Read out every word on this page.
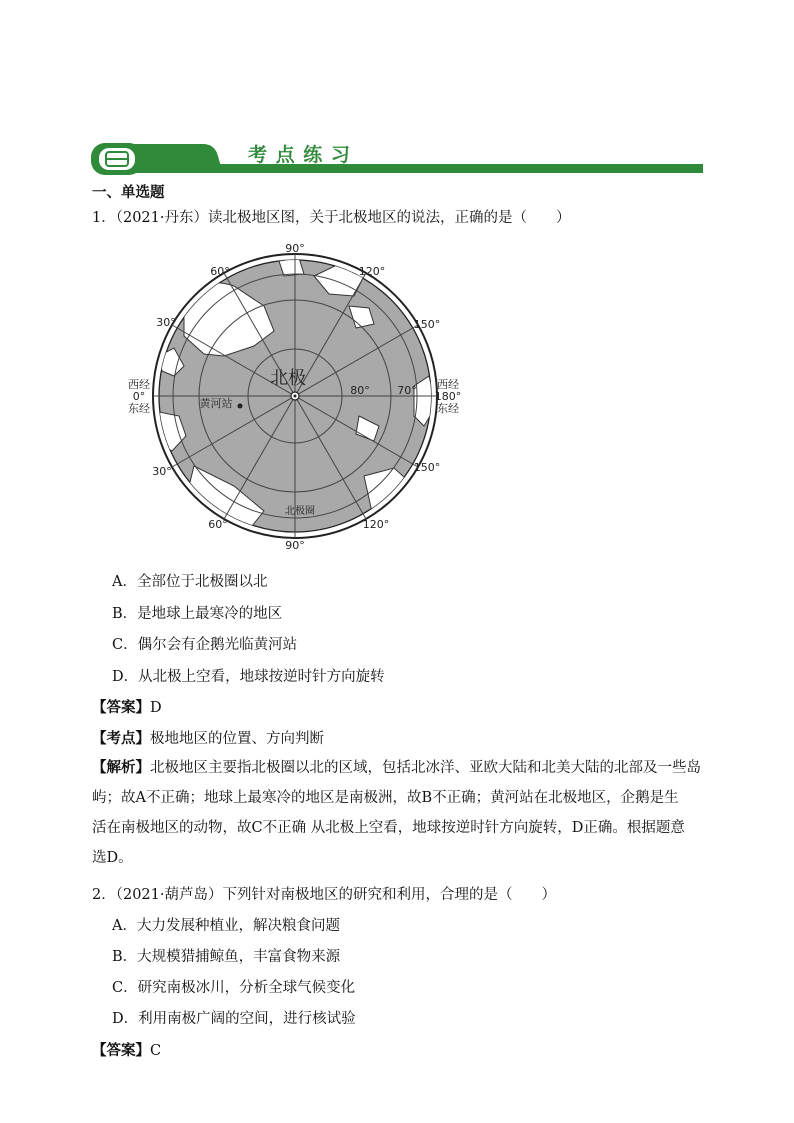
考 点 练 习
一、单选题
1．（2021·丹东）读北极地区图，关于北极地区的说法，正确的是（　　）
90°
90°
60°
60°
120°
120°
30°
30°
150°
150°
西经
0°
东经
西经
180°
东经
北极
80°	70°
黄河站
北极圈
A．全部位于北极圈以北
B．是地球上最寒冷的地区
C．偶尔会有企鹅光临黄河站
D．从北极上空看，地球按逆时针方向旋转
【答案】D
【考点】极地地区的位置、方向判断
【解析】北极地区主要指北极圈以北的区域，包括北冰洋、亚欧大陆和北美大陆的北部及一些岛
屿；故A不正确；地球上最寒冷的地区是南极洲，故B不正确；黄河站在北极地区，企鹅是生
活在南极地区的动物，故C不正确 从北极上空看，地球按逆时针方向旋转，D正确。根据题意
选D。
2．（2021·葫芦岛）下列针对南极地区的研究和利用，合理的是（　　）
A．大力发展种植业，解决粮食问题
B．大规模猎捕鲸鱼，丰富食物来源
C．研究南极冰川，分析全球气候变化
D．利用南极广阔的空间，进行核试验
【答案】C
